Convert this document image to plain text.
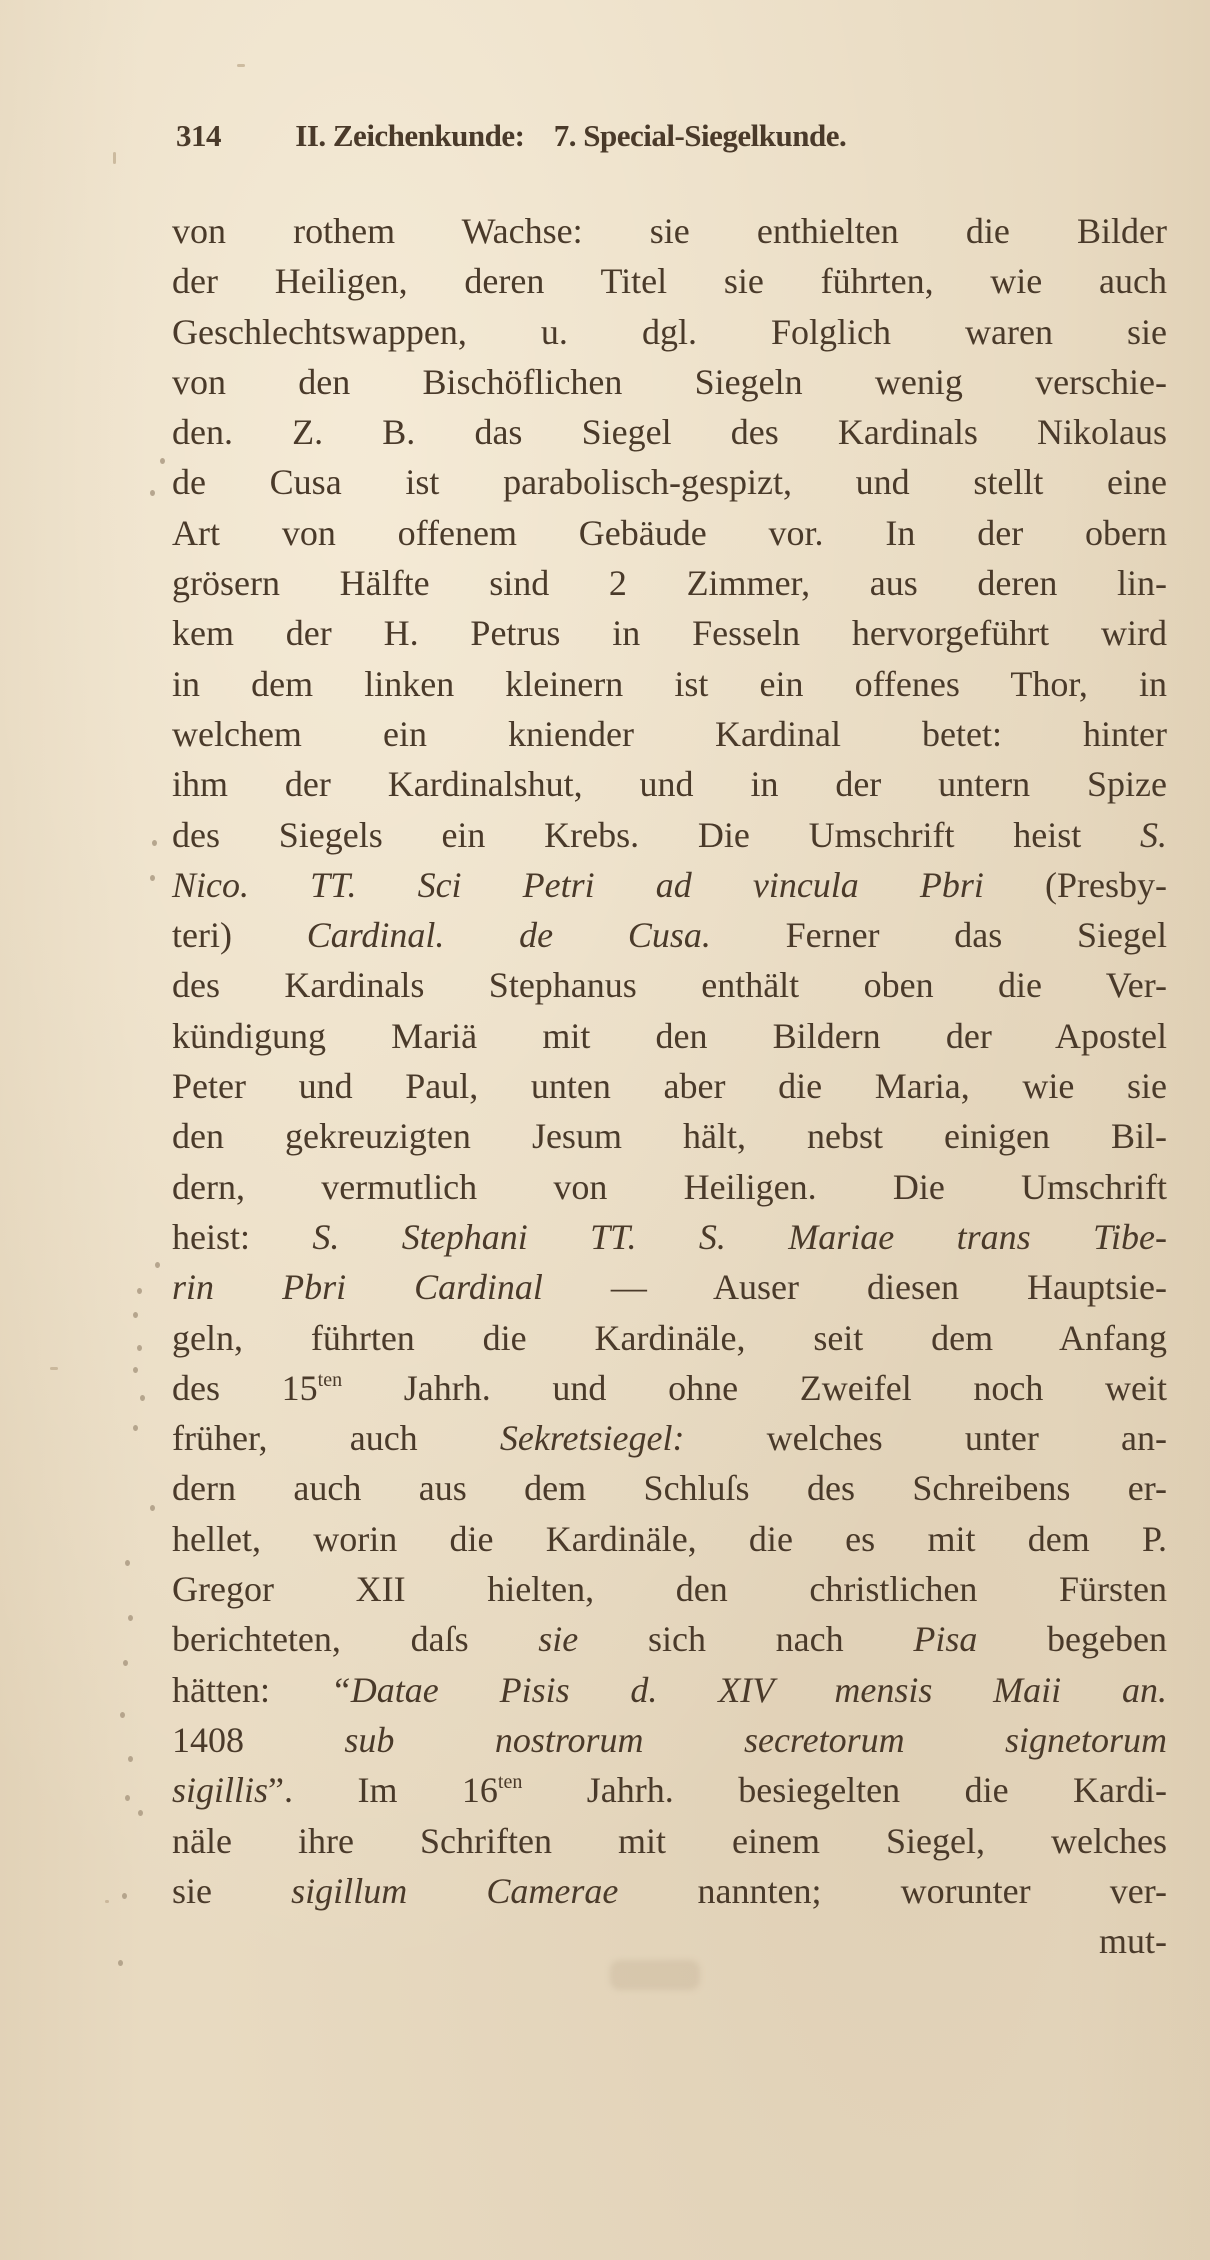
314 II. Zeichenkunde: 7. Special-Siegelkunde.
von rothem Wachse: sie enthielten die Bilder
der Heiligen, deren Titel sie führten, wie auch
Geschlechtswappen, u. dgl. Folglich waren sie
von den Bischöflichen Siegeln wenig verschie-
den. Z. B. das Siegel des Kardinals Nikolaus
de Cusa ist parabolisch-gespizt, und stellt eine
Art von offenem Gebäude vor. In der obern
grösern Hälfte sind 2 Zimmer, aus deren lin-
kem der H. Petrus in Fesseln hervorgeführt wird
in dem linken kleinern ist ein offenes Thor, in
welchem ein kniender Kardinal betet: hinter
ihm der Kardinalshut, und in der untern Spize
des Siegels ein Krebs. Die Umschrift heist S.
Nico. TT. Sci Petri ad vincula Pbri (Presby-
teri) Cardinal. de Cusa. Ferner das Siegel
des Kardinals Stephanus enthält oben die Ver-
kündigung Mariä mit den Bildern der Apostel
Peter und Paul, unten aber die Maria, wie sie
den gekreuzigten Jesum hält, nebst einigen Bil-
dern, vermutlich von Heiligen. Die Umschrift
heist: S. Stephani TT. S. Mariae trans Tibe-
rin Pbri Cardinal — Auser diesen Hauptsie-
geln, führten die Kardinäle, seit dem Anfang
des $15^{ten}$ Jahrh. und ohne Zweifel noch weit
früher, auch Sekretsiegel: welches unter an-
dern auch aus dem Schluſs des Schreibens er-
hellet, worin die Kardinäle, die es mit dem P.
Gregor XII hielten, den christlichen Fürsten
berichteten, daſs sie sich nach Pisa begeben
hätten: “Datae Pisis d. XIV mensis Maii an.
1408 sub nostrorum secretorum signetorum
sigillis”. Im $16^{ten}$ Jahrh. besiegelten die Kardi-
näle ihre Schriften mit einem Siegel, welches
sie sigillum Camerae nannten; worunter ver-
mut-
